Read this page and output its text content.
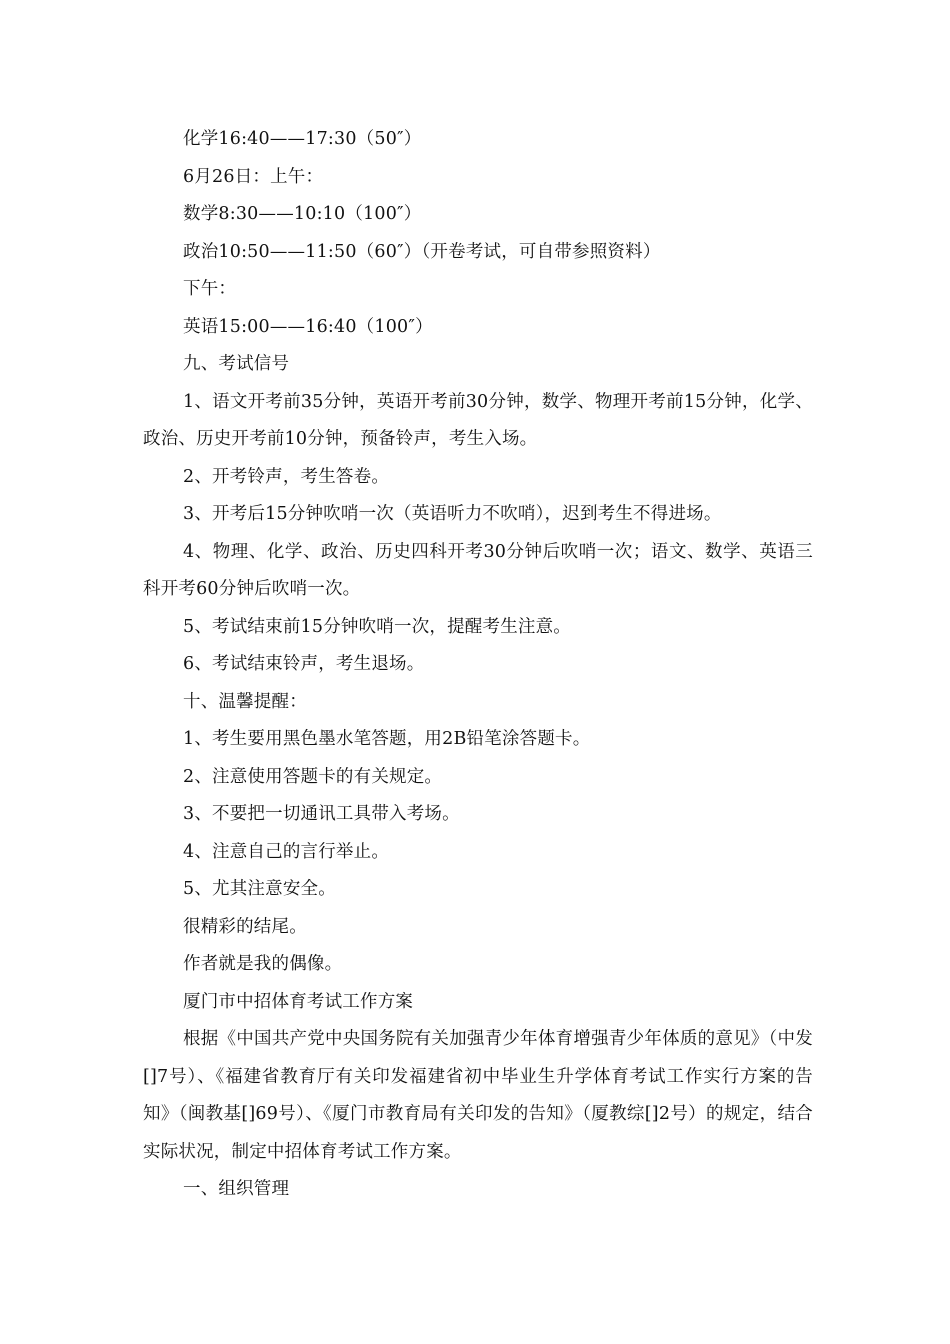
化学16:40——17:30（50″）

6月26日：上午：

数学8:30——10:10（100″）

政治10:50——11:50（60″）（开卷考试，可自带参照资料）

下午：

英语15:00——16:40（100″）

九、考试信号

1、语文开考前35分钟，英语开考前30分钟，数学、物理开考前15分钟，化学、政治、历史开考前10分钟，预备铃声，考生入场。

2、开考铃声，考生答卷。

3、开考后15分钟吹哨一次（英语听力不吹哨），迟到考生不得进场。

4、物理、化学、政治、历史四科开考30分钟后吹哨一次；语文、数学、英语三科开考60分钟后吹哨一次。

5、考试结束前15分钟吹哨一次，提醒考生注意。

6、考试结束铃声，考生退场。

十、温馨提醒：

1、考生要用黑色墨水笔答题，用2B铅笔涂答题卡。

2、注意使用答题卡的有关规定。

3、不要把一切通讯工具带入考场。

4、注意自己的言行举止。

5、尤其注意安全。

很精彩的结尾。

作者就是我的偶像。

厦门市中招体育考试工作方案

根据《中国共产党中央国务院有关加强青少年体育增强青少年体质的意见》（中发[]7号）、《福建省教育厅有关印发福建省初中毕业生升学体育考试工作实行方案的告知》（闽教基[]69号）、《厦门市教育局有关印发的告知》（厦教综[]2号）的规定，结合实际状况，制定中招体育考试工作方案。

一、组织管理
